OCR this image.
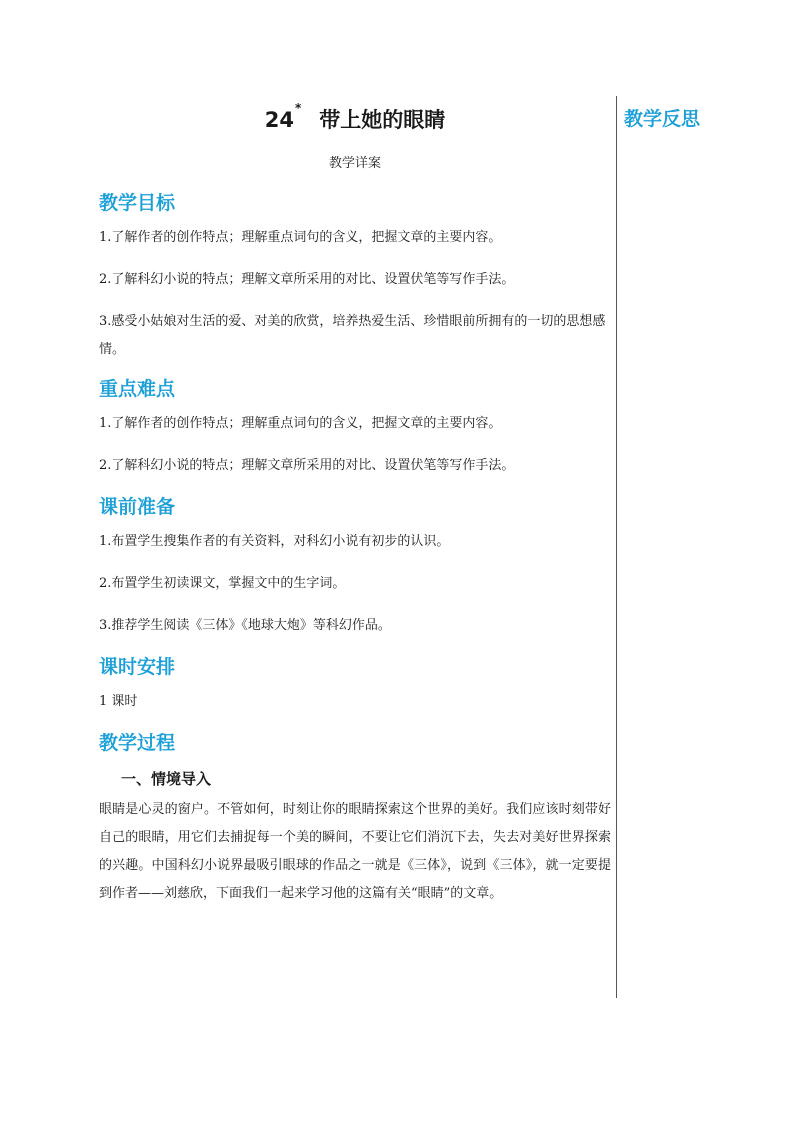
教学反思
24* 带上她的眼睛
教学详案
教学目标

1.了解作者的创作特点；理解重点词句的含义，把握文章的主要内容。

2.了解科幻小说的特点；理解文章所采用的对比、设置伏笔等写作手法。

3.感受小姑娘对生活的爱、对美的欣赏，培养热爱生活、珍惜眼前所拥有的一切的思想感情。

重点难点

1.了解作者的创作特点；理解重点词句的含义，把握文章的主要内容。

2.了解科幻小说的特点；理解文章所采用的对比、设置伏笔等写作手法。

课前准备

1.布置学生搜集作者的有关资料，对科幻小说有初步的认识。

2.布置学生初读课文，掌握文中的生字词。

3.推荐学生阅读《三体》《地球大炮》等科幻作品。

课时安排

1 课时

教学过程
一、情境导入

眼睛是心灵的窗户。不管如何，时刻让你的眼睛探索这个世界的美好。我们应该时刻带好自己的眼睛，用它们去捕捉每一个美的瞬间，不要让它们消沉下去，失去对美好世界探索的兴趣。中国科幻小说界最吸引眼球的作品之一就是《三体》，说到《三体》，就一定要提到作者——刘慈欣，下面我们一起来学习他的这篇有关“眼睛”的文章。
